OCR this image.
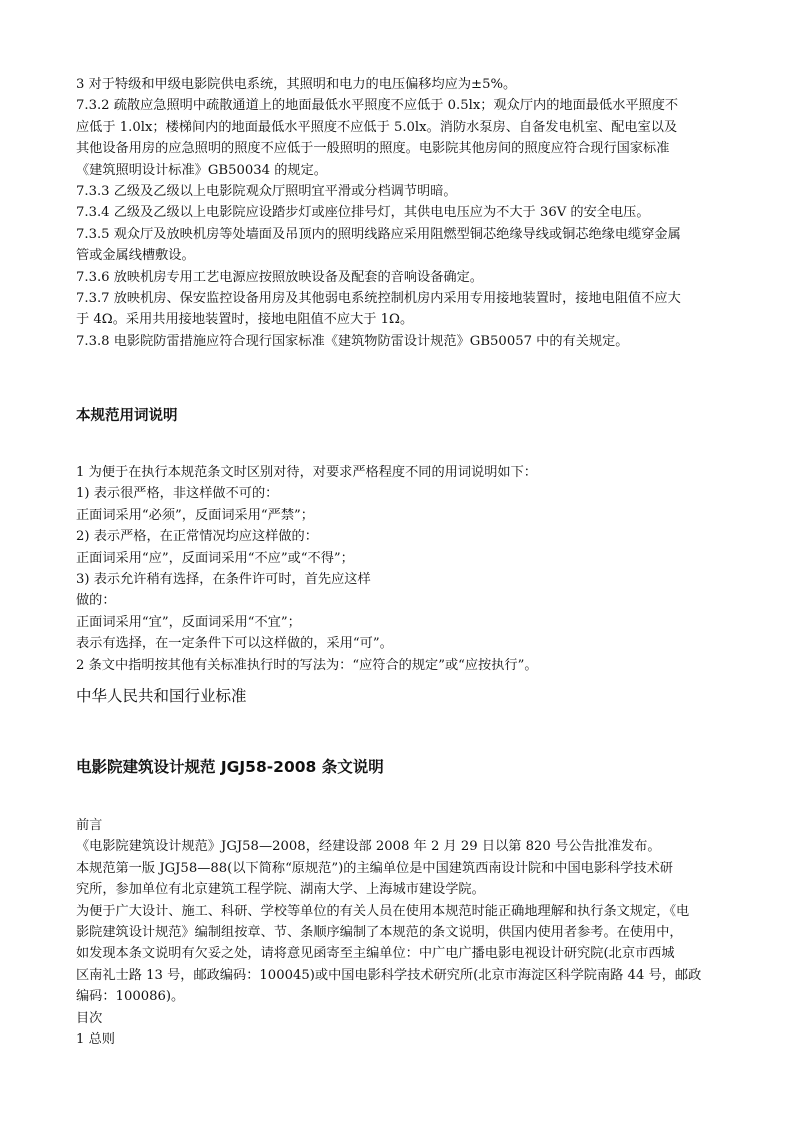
3 对于特级和甲级电影院供电系统，其照明和电力的电压偏移均应为±5%。
7.3.2 疏散应急照明中疏散通道上的地面最低水平照度不应低于 0.5lx；观众厅内的地面最低水平照度不
应低于 1.0lx；楼梯间内的地面最低水平照度不应低于 5.0lx。消防水泵房、自备发电机室、配电室以及
其他设备用房的应急照明的照度不应低于一般照明的照度。电影院其他房间的照度应符合现行国家标准
《建筑照明设计标准》GB50034 的规定。
7.3.3 乙级及乙级以上电影院观众厅照明宜平滑或分档调节明暗。
7.3.4 乙级及乙级以上电影院应设踏步灯或座位排号灯，其供电电压应为不大于 36V 的安全电压。
7.3.5 观众厅及放映机房等处墙面及吊顶内的照明线路应采用阻燃型铜芯绝缘导线或铜芯绝缘电缆穿金属
管或金属线槽敷设。
7.3.6 放映机房专用工艺电源应按照放映设备及配套的音响设备确定。
7.3.7 放映机房、保安监控设备用房及其他弱电系统控制机房内采用专用接地装置时，接地电阻值不应大
于 4Ω。采用共用接地装置时，接地电阻值不应大于 1Ω。
7.3.8 电影院防雷措施应符合现行国家标准《建筑物防雷设计规范》GB50057 中的有关规定。
本规范用词说明
1 为便于在执行本规范条文时区别对待，对要求严格程度不同的用词说明如下：
1) 表示很严格，非这样做不可的：
正面词采用“必须”，反面词采用“严禁”；
2) 表示严格，在正常情况均应这样做的：
正面词采用“应”，反面词采用“不应”或“不得”；
3) 表示允许稍有选择，在条件许可时，首先应这样
做的：
正面词采用“宜”，反面词采用“不宜”；
表示有选择，在一定条件下可以这样做的，采用“可”。
2 条文中指明按其他有关标准执行时的写法为：“应符合的规定”或“应按执行”。
中华人民共和国行业标准
电影院建筑设计规范 JGJ58-2008 条文说明
前言
《电影院建筑设计规范》JGJ58—2008，经建设部 2008 年 2 月 29 日以第 820 号公告批准发布。
本规范第一版 JGJ58—88(以下简称“原规范”)的主编单位是中国建筑西南设计院和中国电影科学技术研
究所，参加单位有北京建筑工程学院、湖南大学、上海城市建设学院。
为便于广大设计、施工、科研、学校等单位的有关人员在使用本规范时能正确地理解和执行条文规定，《电
影院建筑设计规范》编制组按章、节、条顺序编制了本规范的条文说明，供国内使用者参考。在使用中，
如发现本条文说明有欠妥之处，请将意见函寄至主编单位：中广电广播电影电视设计研究院(北京市西城
区南礼士路 13 号，邮政编码：100045)或中国电影科学技术研究所(北京市海淀区科学院南路 44 号，邮政
编码：100086)。
目次
1 总则
